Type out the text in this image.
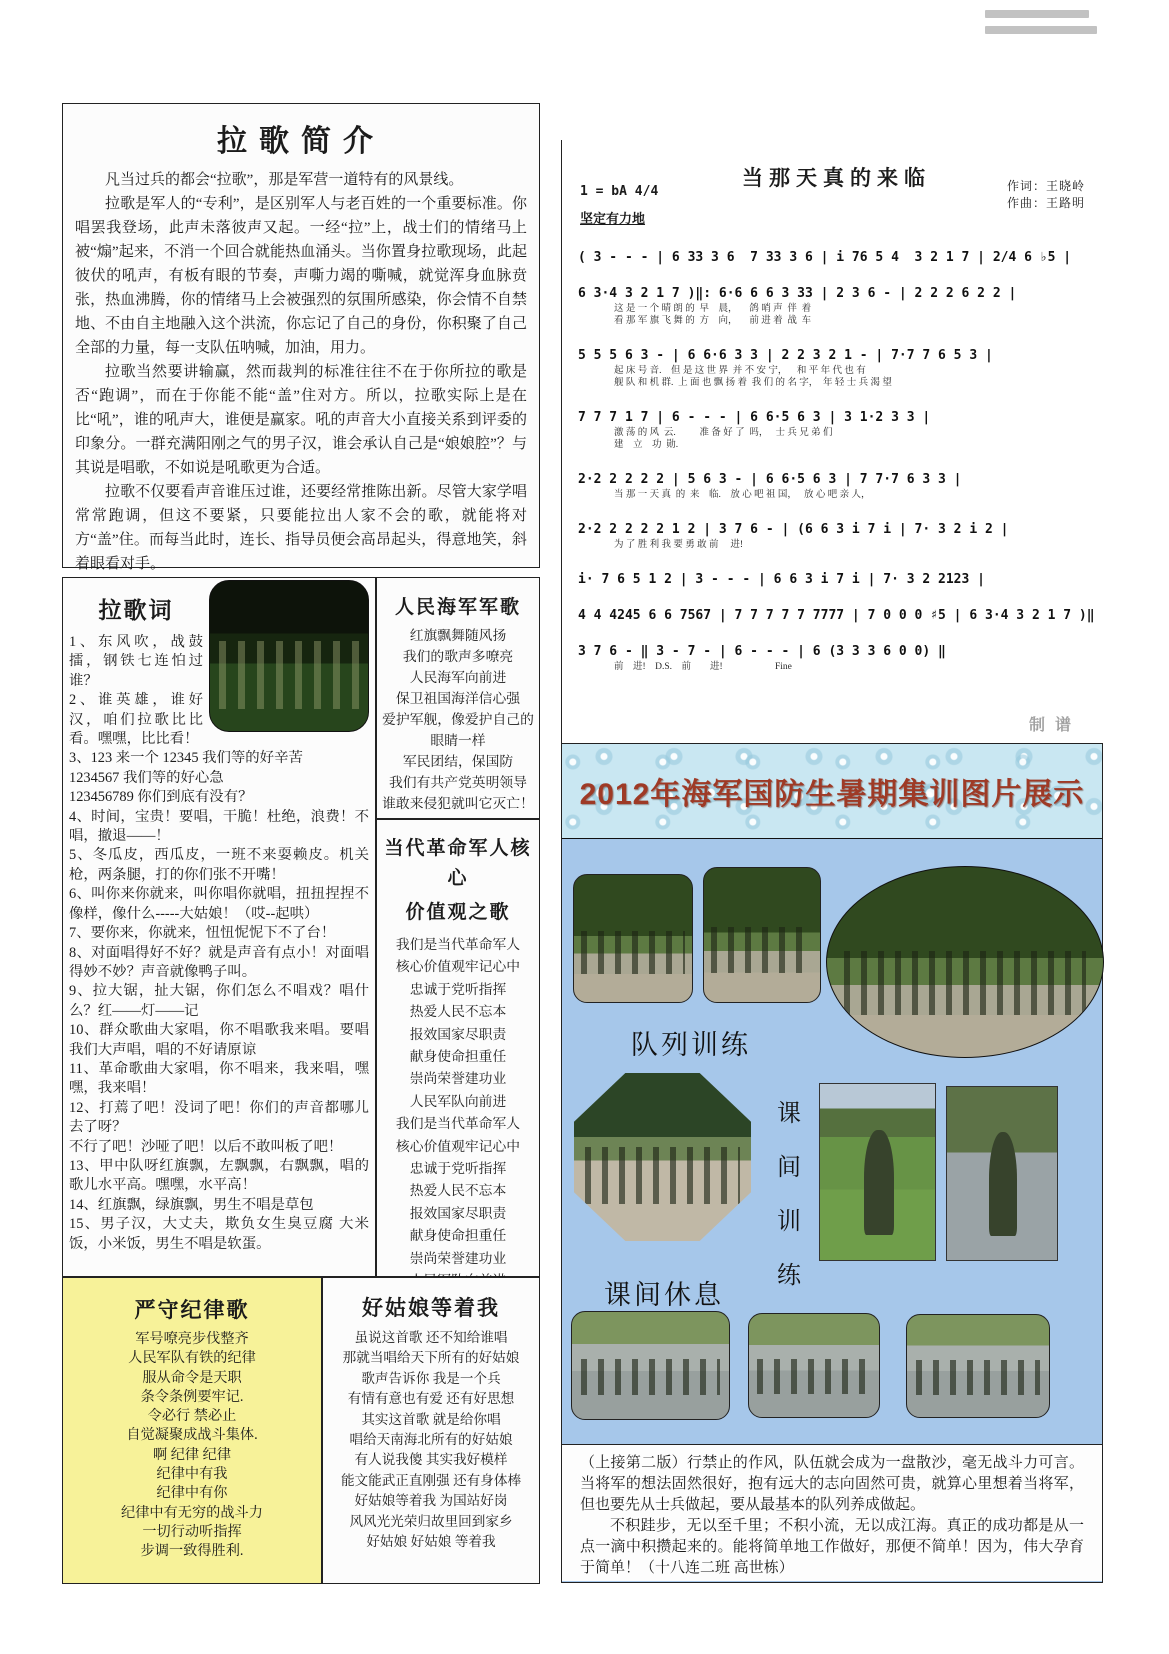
拉歌简介
凡当过兵的都会“拉歌”，那是军营一道特有的风景线。
拉歌是军人的“专利”，是区别军人与老百姓的一个重要标准。你唱罢我登场，此声未落彼声又起。一经“拉”上，战士们的情绪马上被“煽”起来，不消一个回合就能热血涌头。当你置身拉歌现场，此起彼伏的吼声，有板有眼的节奏，声嘶力竭的嘶喊，就觉浑身血脉贲张，热血沸腾，你的情绪马上会被强烈的氛围所感染，你会情不自禁地、不由自主地融入这个洪流，你忘记了自己的身份，你积聚了自己全部的力量，每一支队伍呐喊，加油，用力。
拉歌当然要讲输赢，然而裁判的标准往往不在于你所拉的歌是否“跑调”，而在于你能不能“盖”住对方。所以，拉歌实际上是在比“吼”，谁的吼声大，谁便是赢家。吼的声音大小直接关系到评委的印象分。一群充满阳刚之气的男子汉，谁会承认自己是“娘娘腔”？与其说是唱歌，不如说是吼歌更为合适。
拉歌不仅要看声音谁压过谁，还要经常推陈出新。尽管大家学唱常常跑调，但这不要紧，只要能拉出人家不会的歌，就能将对方“盖”住。而每当此时，连长、指导员便会高昂起头，得意地笑，斜着眼看对手。
当那天真的来临	作词：王晓岭
作曲：王路明
1 = bA 4/4
坚定有力地
( 3 - - - | 6 33 3 6  7 33 3 6 | i 76 5 4  3 2 1 7 | 2/4 6 ♭5 |
6 3·4 3 2 1 7 )‖: 6·6 6 6 3 33 | 2 3 6 - | 2 2 2 6 2 2 |
这 是 一 个 晴 朗 的  早    晨，     鸽 哨 声  伴  着
看 那 军 旗 飞 舞 的  方    向，     前 进 着  战  车
5 5 5 6 3 - | 6 6·6 3 3 | 2 2 3 2 1 - | 7·7 7 6 5 3 |
起 床 号 音.    但 是 这 世 界  并 不 安 宁，    和 平 年 代 也 有
舰 队 和 机 群.  上 面 也 飘 扬 着  我 们 的 名 字，  年 轻 士 兵 渴 望
7 7 7 1 7 | 6 - - - | 6 6·5 6 3 | 3 1·2 3 3 |
激 荡 的 风  云.          准 备 好 了  吗，   士 兵 兄 弟 们
建    立    功  勋.
2·2 2 2 2 2 | 5 6 3 - | 6 6·5 6 3 | 7 7·7 6 3 3 |
当 那 一 天 真  的  来    临.    放 心 吧 祖 国，   放 心 吧 亲 人，
2·2 2 2 2 2 1 2 | 3 7 6 - | (6 6 3 i 7 i | 7· 3 2 i 2 |
为 了 胜 利 我 要 勇 敢 前     进!
i· 7 6 5 1 2 | 3 - - - | 6 6 3 i 7 i | 7· 3 2 2123 |
4 4 4245 6 6 7567 | 7 7 7 7 7 7777 | 7 0 0 0 ♯5 | 6 3·4 3 2 1 7 )‖
3 7 6 - ‖ 3 - 7 - | 6 - - - | 6 (3 3 3 6 0 0) ‖
前    进!    D.S.    前        进!                      Fine
制谱
拉歌词
1、东风吹，战鼓擂，钢铁七连怕过谁？
2、谁英雄，谁好汉，咱们拉歌比比看。嘿嘿，比比看！
3、123 来一个 12345 我们等的好辛苦
1234567 我们等的好心急
123456789 你们到底有没有？
4、时间，宝贵！要唱，干脆！杜绝，浪费！不唱，撤退——！
5、冬瓜皮，西瓜皮，一班不来耍赖皮。机关枪，两条腿，打的你们张不开嘴！
6、叫你来你就来，叫你唱你就唱，扭扭捏捏不像样，像什么-----大姑娘！（哎--起哄）
7、要你来，你就来，忸忸怩怩下不了台！
8、对面唱得好不好？就是声音有点小！对面唱得妙不妙？声音就像鸭子叫。
9、拉大锯，扯大锯，你们怎么不唱戏？唱什么？红——灯——记
10、群众歌曲大家唱，你不唱歌我来唱。要唱我们大声唱，唱的不好请原谅
11、革命歌曲大家唱，你不唱来，我来唱，嘿嘿，我来唱！
12、打蔫了吧！没词了吧！你们的声音都哪儿去了呀？
不行了吧！沙哑了吧！以后不敢叫板了吧！
13、甲中队呀红旗飘，左飘飘，右飘飘，唱的歌儿水平高。嘿嘿，水平高！
14、红旗飘，绿旗飘，男生不唱是草包
15、男子汉，大丈夫，欺负女生臭豆腐 大米饭，小米饭，男生不唱是软蛋。
人民海军军歌
红旗飘舞随风扬
我们的歌声多嘹亮
人民海军向前进
保卫祖国海洋信心强
爱护军舰，像爱护自己的眼睛一样
军民团结，保国防
我们有共产党英明领导
谁敢来侵犯就叫它灭亡！
当代革命军人核心
价值观之歌
我们是当代革命军人
核心价值观牢记心中
忠诚于党听指挥
热爱人民不忘本
报效国家尽职责
献身使命担重任
崇尚荣誉建功业
人民军队向前进
我们是当代革命军人
核心价值观牢记心中
忠诚于党听指挥
热爱人民不忘本
报效国家尽职责
献身使命担重任
崇尚荣誉建功业
严守纪律歌
军号嘹亮步伐整齐
人民军队有铁的纪律
服从命令是天职
条令条例要牢记.
令必行 禁必止
自觉凝聚成战斗集体.
啊 纪律 纪律
纪律中有我
纪律中有你
纪律中有无穷的战斗力
一切行动听指挥
步调一致得胜利.
好姑娘等着我
虽说这首歌 还不知给谁唱
那就当唱给天下所有的好姑娘
歌声告诉你 我是一个兵
有情有意也有爱 还有好思想
其实这首歌 就是给你唱
唱给天南海北所有的好姑娘
有人说我傻 其实我好模样
能文能武正直刚强 还有身体棒
好姑娘等着我 为国站好岗
风风光光荣归故里回到家乡
好姑娘 好姑娘 等着我
2012年海军国防生暑期集训图片展示
队列训练
课
间
训
练
课间休息
（上接第二版）行禁止的作风，队伍就会成为一盘散沙，毫无战斗力可言。当将军的想法固然很好，抱有远大的志向固然可贵，就算心里想着当将军，但也要先从士兵做起，要从最基本的队列养成做起。
不积跬步，无以至千里；不积小流，无以成江海。真正的成功都是从一点一滴中积攒起来的。能将简单地工作做好，那便不简单！因为，伟大孕育于简单！（十八连二班 高世栋）
